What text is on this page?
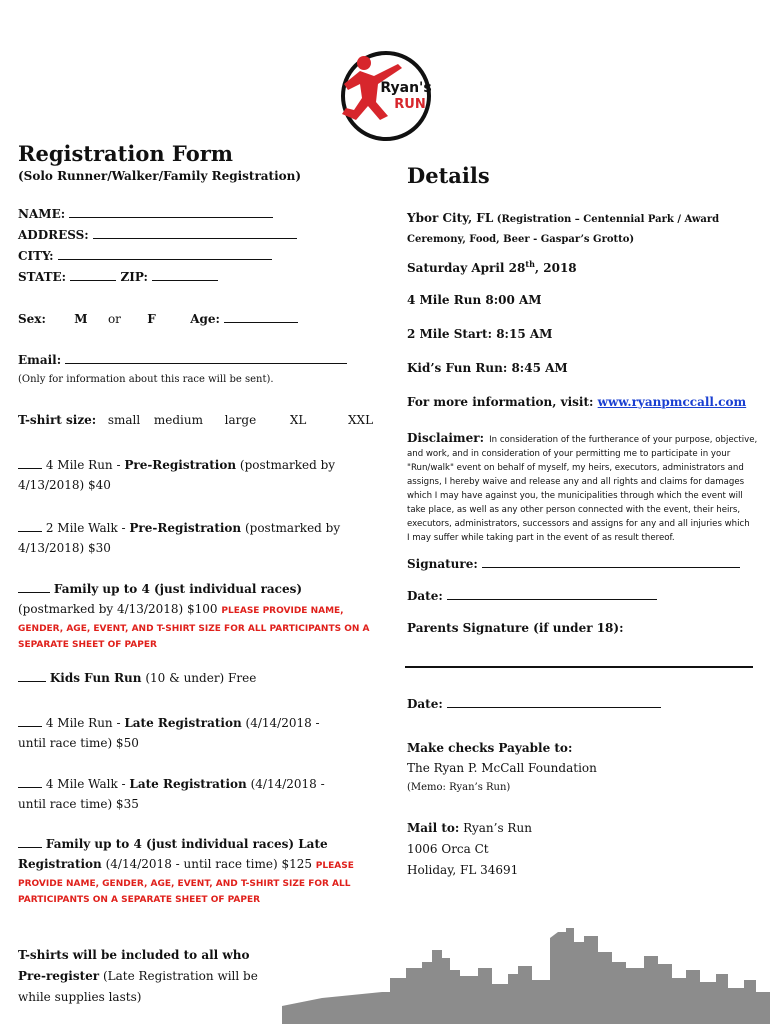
Ryan's
RUN
Registration Form
(Solo Runner/Walker/Family Registration)
NAME:
ADDRESS:
CITY:
STATE:	ZIP:
Sex: M or F	Age:
Email:
(Only for information about this race will be sent).
T-shirt size: small medium large	XL	XXL
4 Mile Run - Pre-Registration (postmarked by
4/13/2018) $40
2 Mile Walk - Pre-Registration (postmarked by
4/13/2018) $30
Family up to 4 (just individual races)
(postmarked by 4/13/2018) $100 PLEASE PROVIDE NAME,
GENDER, AGE, EVENT, AND T-SHIRT SIZE FOR ALL PARTICIPANTS ON A
SEPARATE SHEET OF PAPER
Kids Fun Run (10 & under) Free
4 Mile Run - Late Registration (4/14/2018 -
until race time) $50
4 Mile Walk - Late Registration (4/14/2018 -
until race time) $35
Family up to 4 (just individual races) Late
Registration (4/14/2018 - until race time) $125 PLEASE
PROVIDE NAME, GENDER, AGE, EVENT, AND T-SHIRT SIZE FOR ALL
PARTICIPANTS ON A SEPARATE SHEET OF PAPER
T-shirts will be included to all who
Pre-register (Late Registration will be
while supplies lasts)
Details
Ybor City, FL (Registration – Centennial Park / Award
Ceremony, Food, Beer - Gaspar’s Grotto)
Saturday April 28th, 2018
4 Mile Run 8:00 AM
2 Mile Start: 8:15 AM
Kid’s Fun Run: 8:45 AM
For more information, visit: www.ryanpmccall.com
Disclaimer: In consideration of the furtherance of your purpose, objective,
and work, and in consideration of your permitting me to participate in your
"Run/walk" event on behalf of myself, my heirs, executors, administrators and
assigns, I hereby waive and release any and all rights and claims for damages
which I may have against you, the municipalities through which the event will
take place, as well as any other person connected with the event, their heirs,
executors, administrators, successors and assigns for any and all injuries which
I may suffer while taking part in the event of as result thereof.
Signature:
Date:
Parents Signature (if under 18):
Date:
Make checks Payable to:
The Ryan P. McCall Foundation
(Memo: Ryan’s Run)
Mail to: Ryan’s Run
1006 Orca Ct
Holiday, FL 34691
